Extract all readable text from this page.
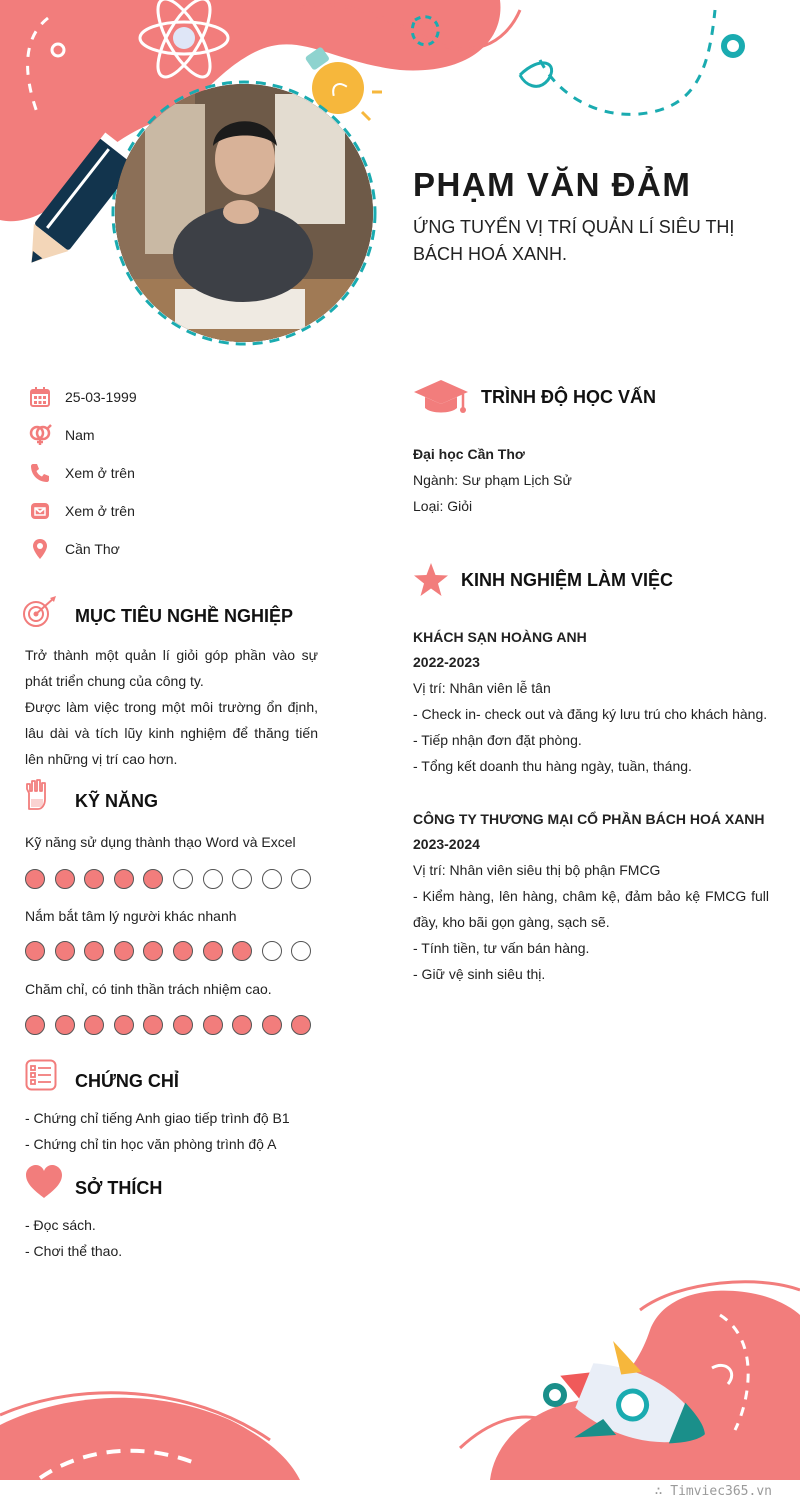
PHẠM VĂN ĐẢM

ỨNG TUYỂN VỊ TRÍ QUẢN LÍ SIÊU THỊ BÁCH HOÁ XANH.

25-03-1999
Nam
Xem ở trên
Xem ở trên
Cần Thơ
MỤC TIÊU NGHỀ NGHIỆP

Trở thành một quản lí giỏi góp phần vào sự phát triển chung của công ty.

Được làm việc trong một môi trường ổn định, lâu dài và tích lũy kinh nghiệm để thăng tiến lên những vị trí cao hơn.

KỸ NĂNG
Kỹ năng sử dụng thành thạo Word và Excel
Nắm bắt tâm lý người khác nhanh
Chăm chỉ, có tinh thần trách nhiệm cao.
CHỨNG CHỈ

- Chứng chỉ tiếng Anh giao tiếp trình độ B1

- Chứng chỉ tin học văn phòng trình độ A

SỞ THÍCH

- Đọc sách.

- Chơi thể thao.

TRÌNH ĐỘ HỌC VẤN

Đại học Cần Thơ

Ngành: Sư phạm Lịch Sử

Loại: Giỏi

KINH NGHIỆM LÀM VIỆC

KHÁCH SẠN HOÀNG ANH

2022-2023

Vị trí: Nhân viên lễ tân

- Check in- check out và đăng ký lưu trú cho khách hàng.

- Tiếp nhận đơn đặt phòng.

- Tổng kết doanh thu hàng ngày, tuần, tháng.

CÔNG TY THƯƠNG MẠI CỔ PHẦN BÁCH HOÁ XANH

2023-2024

Vị trí: Nhân viên siêu thị bộ phận FMCG

- Kiểm hàng, lên hàng, châm kệ, đảm bảo kệ FMCG full đầy, kho bãi gọn gàng, sạch sẽ.

- Tính tiền, tư vấn bán hàng.

- Giữ vệ sinh siêu thị.

∴ Timviec365.vn
